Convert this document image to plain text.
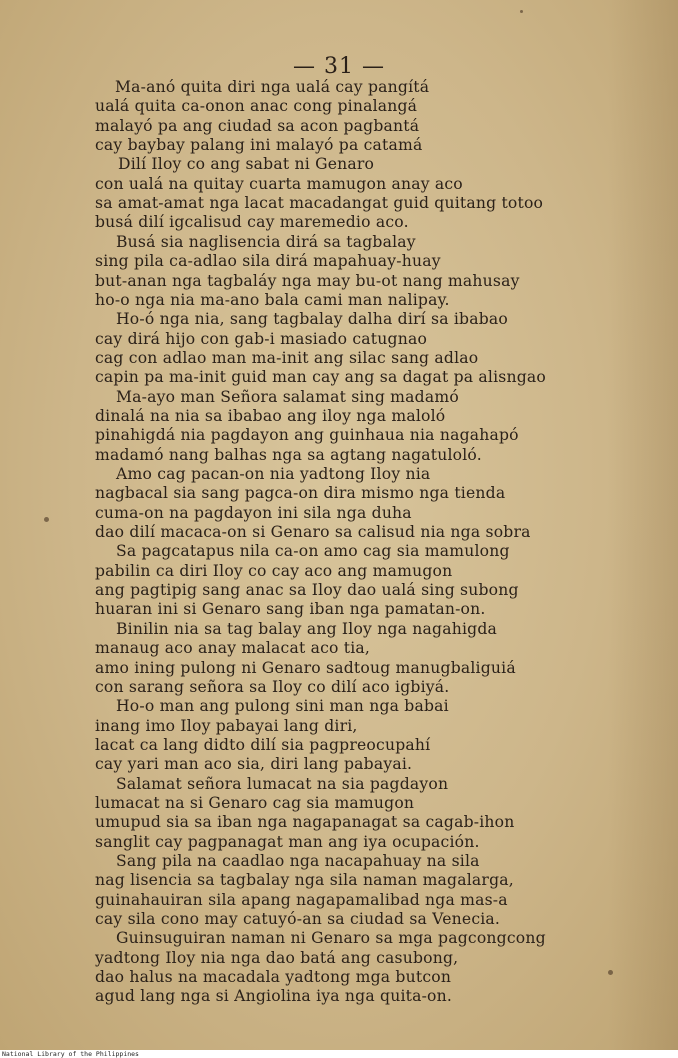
— 31 —
Ma-anó quita diri nga ualá cay pangítá
ualá quita ca-onon anac cong pinalangá
malayó pa ang ciudad sa acon pagbantá
cay baybay palang ini malayó pa catamá
Dilí Iloy co ang sabat ni Genaro
con ualá na quitay cuarta mamugon anay aco
sa amat-amat nga lacat macadangat guid quitang totoo
busá dilí igcalisud cay maremedio aco.
Busá sia naglisencia dirá sa tagbalay
sing pila ca-adlao sila dirá mapahuay-huay
but-anan nga tagbaláy nga may bu-ot nang mahusay
ho-o nga nia ma-ano bala cami man nalipay.
Ho-ó nga nia, sang tagbalay dalha dirí sa ibabao
cay dirá hijo con gab-i masiado catugnao
cag con adlao man ma-init ang silac sang adlao
capin pa ma-init guid man cay ang sa dagat pa alisngao
Ma-ayo man Señora salamat sing madamó
dinalá na nia sa ibabao ang iloy nga maloló
pinahigdá nia pagdayon ang guinhaua nia nagahapó
madamó nang balhas nga sa agtang nagatuloló.
Amo cag pacan-on nia yadtong Iloy nia
nagbacal sia sang pagca-on dira mismo nga tienda
cuma-on na pagdayon ini sila nga duha
dao dilí macaca-on si Genaro sa calisud nia nga sobra
Sa pagcatapus nila ca-on amo cag sia mamulong
pabilin ca diri Iloy co cay aco ang mamugon
ang pagtipig sang anac sa Iloy dao ualá sing subong
huaran ini si Genaro sang iban nga pamatan-on.
Binilin nia sa tag balay ang Iloy nga nagahigda
manaug aco anay malacat aco tia,
amo ining pulong ni Genaro sadtoug manugbaliguiá
con sarang señora sa Iloy co dilí aco igbiyá.
Ho-o man ang pulong sini man nga babai
inang imo Iloy pabayai lang diri,
lacat ca lang didto dilí sia pagpreocupahí
cay yari man aco sia, diri lang pabayai.
Salamat señora lumacat na sia pagdayon
lumacat na si Genaro cag sia mamugon
umupud sia sa iban nga nagapanagat sa cagab-ihon
sanglit cay pagpanagat man ang iya ocupación.
Sang pila na caadlao nga nacapahuay na sila
nag lisencia sa tagbalay nga sila naman magalarga,
guinahauiran sila apang nagapamalibad nga mas-a
cay sila cono may catuyó-an sa ciudad sa Venecia.
Guinsuguiran naman ni Genaro sa mga pagcongcong
yadtong Iloy nia nga dao batá ang casubong,
dao halus na macadala yadtong mga butcon
agud lang nga si Angiolina iya nga quita-on.
National Library of the Philippines
